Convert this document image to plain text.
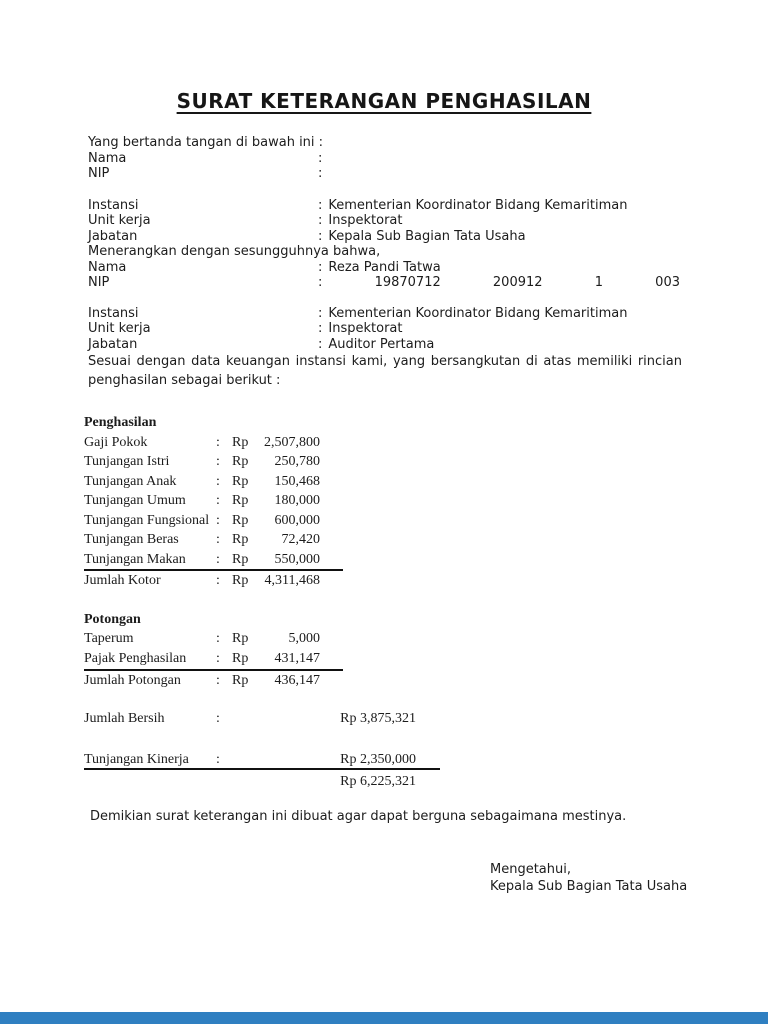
SURAT KETERANGAN PENGHASILAN
Yang bertanda tangan di bawah ini :
Nama	:
NIP	:
Instansi	: Kementerian Koordinator Bidang Kemaritiman
Unit kerja	: Inspektorat
Jabatan	: Kepala Sub Bagian Tata Usaha
Menerangkan dengan sesungguhnya bahwa,
Nama	: Reza Pandi Tatwa
NIP	:	19870712	200912	1	003
Instansi	: Kementerian Koordinator Bidang Kemaritiman
Unit kerja	: Inspektorat
Jabatan	: Auditor Pertama
Sesuai dengan data keuangan instansi kami, yang bersangkutan di atas memiliki rincian penghasilan sebagai berikut :
Penghasilan
Gaji Pokok	: Rp	2,507,800
Tunjangan Istri	: Rp	250,780
Tunjangan Anak	: Rp	150,468
Tunjangan Umum	: Rp	180,000
Tunjangan Fungsional : Rp	600,000
Tunjangan Beras	: Rp	72,420
Tunjangan Makan	: Rp	550,000
Jumlah Kotor	: Rp	4,311,468
Potongan
Taperum	: Rp	5,000
Pajak Penghasilan	: Rp	431,147
Jumlah Potongan	: Rp	436,147
Jumlah Bersih	:	Rp 3,875,321
Tunjangan Kinerja	:	Rp 2,350,000
Rp 6,225,321
Demikian surat keterangan ini dibuat agar dapat berguna sebagaimana mestinya.
Mengetahui,
Kepala Sub Bagian Tata Usaha
